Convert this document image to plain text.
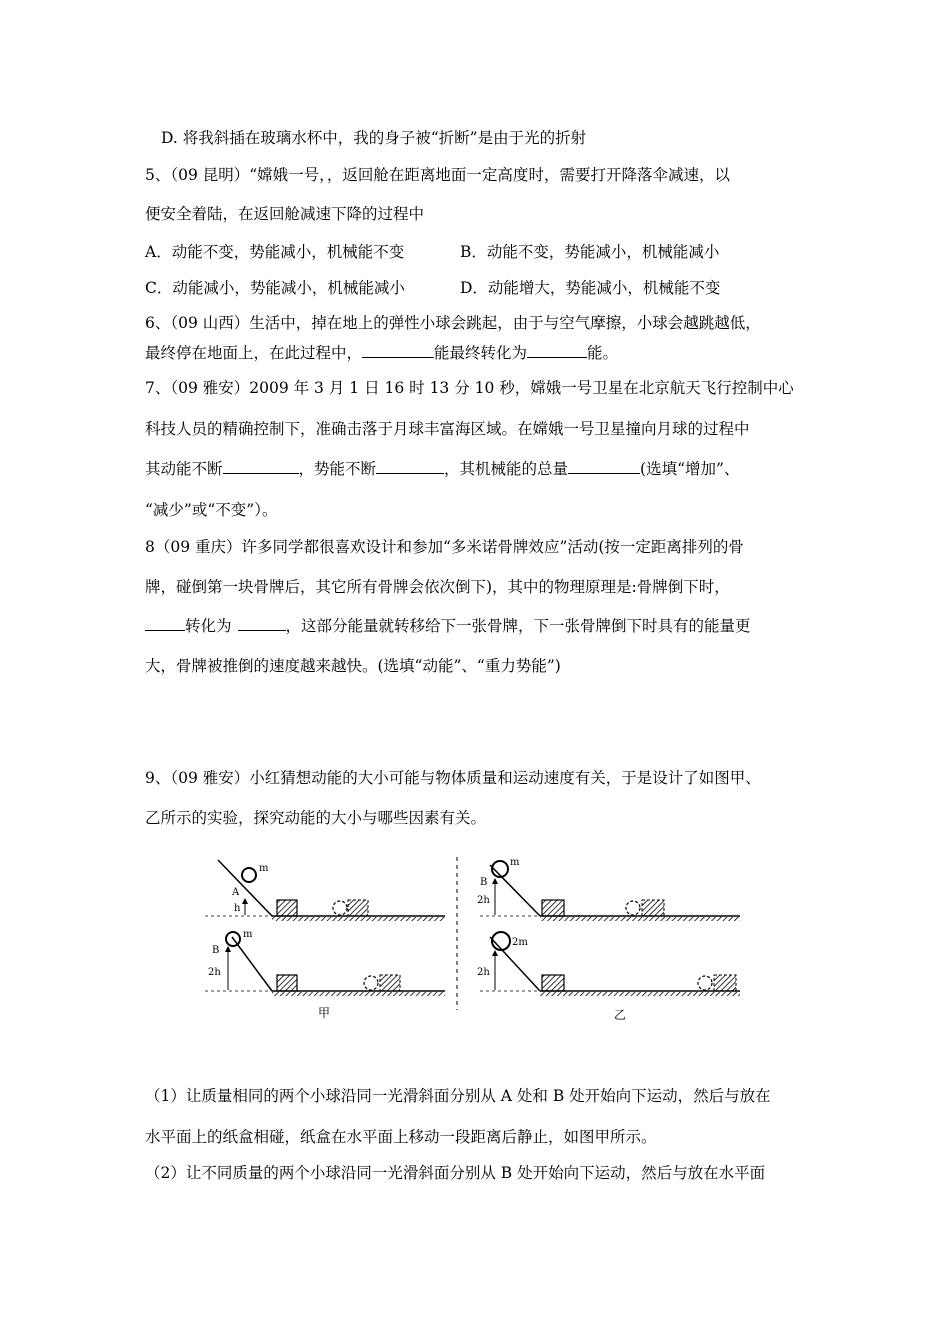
D. 将我斜插在玻璃水杯中，我的身子被“折断”是由于光的折射
5、（09 昆明）“嫦娥一号，，返回舱在距离地面一定高度时，需要打开降落伞减速，以
便安全着陆，在返回舱减速下降的过程中
A．动能不变，势能减小，机械能不变	B．动能不变，势能减小，机械能减小
C．动能减小，势能减小，机械能减小	D．动能增大，势能减小，机械能不变
6、（09 山西）生活中，掉在地上的弹性小球会跳起，由于与空气摩擦，小球会越跳越低，
最终停在地面上，在此过程中，	能最终转化为	能。
7、（09 雅安）2009 年 3 月 1 日 16 时 13 分 10 秒，嫦娥一号卫星在北京航天飞行控制中心
科技人员的精确控制下，准确击落于月球丰富海区域。在嫦娥一号卫星撞向月球的过程中
其动能不断	，势能不断	，其机械能的总量	(选填“增加”、
“减少”或“不变”）。
8（09 重庆）许多同学都很喜欢设计和参加“多米诺骨牌效应”活动(按一定距离排列的骨
牌，碰倒第一块骨牌后，其它所有骨牌会依次倒下)，其中的物理原理是:骨牌倒下时，
转化为	，这部分能量就转移给下一张骨牌，下一张骨牌倒下时具有的能量更
大，骨牌被推倒的速度越来越快。(选填“动能”、“重力势能”)
9、（09 雅安）小红猜想动能的大小可能与物体质量和运动速度有关，于是设计了如图甲、
乙所示的实验，探究动能的大小与哪些因素有关。
m
A
h
m
B
2h
甲
m
B
2h
2m
2h
乙
（1）让质量相同的两个小球沿同一光滑斜面分别从 A 处和 B 处开始向下运动，然后与放在
水平面上的纸盒相碰，纸盒在水平面上移动一段距离后静止，如图甲所示。
（2）让不同质量的两个小球沿同一光滑斜面分别从 B 处开始向下运动，然后与放在水平面
